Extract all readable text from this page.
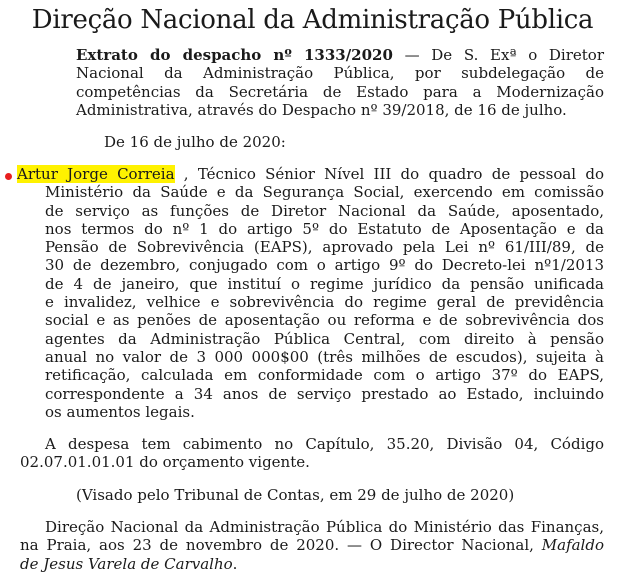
Direção Nacional da Administração Pública
Extrato do despacho nº 1333/2020 — De S. Exª o Diretor
Nacional da Administração Pública, por subdelegação de
competências da Secretária de Estado para a Modernização
Administrativa, através do Despacho nº 39/2018, de 16 de julho.
De 16 de julho de 2020:
Artur Jorge Correia , Técnico Sénior Nível III do quadro de pessoal do
Ministério da Saúde e da Segurança Social, exercendo em comissão
de serviço as funções de Diretor Nacional da Saúde, aposentado,
nos termos do nº 1 do artigo 5º do Estatuto de Aposentação e da
Pensão de Sobrevivência (EAPS), aprovado pela Lei nº 61/III/89, de
30 de dezembro, conjugado com o artigo 9º do Decreto-lei nº1/2013
de 4 de janeiro, que instituí o regime jurídico da pensão unificada
e invalidez, velhice e sobrevivência do regime geral de previdência
social e as penões de aposentação ou reforma e de sobrevivência dos
agentes da Administração Pública Central, com direito à pensão
anual no valor de 3 000 000$00 (três milhões de escudos), sujeita à
retificação, calculada em conformidade com o artigo 37º do EAPS,
correspondente a 34 anos de serviço prestado ao Estado, incluindo
os aumentos legais.
A despesa tem cabimento no Capítulo, 35.20, Divisão 04, Código
02.07.01.01.01 do orçamento vigente.
(Visado pelo Tribunal de Contas, em 29 de julho de 2020)
Direção Nacional da Administração Pública do Ministério das Finanças,
na Praia, aos 23 de novembro de 2020. — O Director Nacional, Mafaldo
de Jesus Varela de Carvalho.
